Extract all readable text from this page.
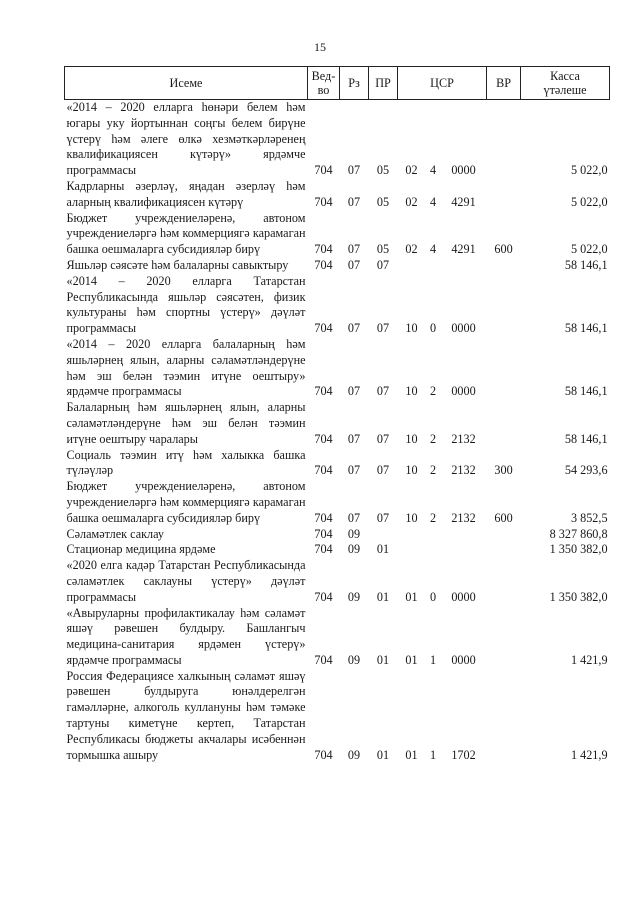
15
Исеме	Вед-
во	Рз	ПР	ЦСР			ВР	Касса
үтәлеше
«2014 – 2020 елларга һөнәри белем һәм югары уку йортыннан соңгы белем бирүне үстерү һәм әлеге өлкә хезмәткәрләренең квалификациясен күтәрү» ярдәмче программасы	704	07	05	02	4	0000		5 022,0
Кадрларны әзерләү, яңадан әзерләү һәм аларның квалификациясен күтәрү	704	07	05	02	4	4291		5 022,0
Бюджет учреждениеләренә, автоном учреждениеләргә һәм коммерциягә карамаган башка оешмаларга субсидияләр бирү	704	07	05	02	4	4291	600	5 022,0
Яшьләр сәясәте һәм балаларны савыктыру	704	07	07					58 146,1
«2014 – 2020 елларга Татарстан Республикасында яшьләр сәясәтен, физик культураны һәм спортны үстерү» дәүләт программасы	704	07	07	10	0	0000		58 146,1
«2014 – 2020 елларга балаларның һәм яшьләрнең ялын, аларны сәламәтләндерүне һәм эш белән тәэмин итүне оештыру» ярдәмче программасы	704	07	07	10	2	0000		58 146,1
Балаларның һәм яшьләрнең ялын, аларны сәламәтләндерүне һәм эш белән тәэмин итүне оештыру чаралары	704	07	07	10	2	2132		58 146,1
Социаль тәэмин итү һәм халыкка башка түләүләр	704	07	07	10	2	2132	300	54 293,6
Бюджет учреждениеләренә, автоном учреждениеләргә һәм коммерциягә карамаган башка оешмаларга субсидияләр бирү	704	07	07	10	2	2132	600	3 852,5
Сәламәтлек саклау	704	09						8 327 860,8
Стационар медицина ярдәме	704	09	01					1 350 382,0
«2020 елга кадәр Татарстан Республикасында сәламәтлек саклауны үстерү» дәүләт программасы	704	09	01	01	0	0000		1 350 382,0
«Авыруларны профилактикалау һәм сәламәт яшәү рәвешен булдыру. Башлангыч медицина-санитария ярдәмен үстерү» ярдәмче программасы	704	09	01	01	1	0000		1 421,9
Россия Федерациясе халкының сәламәт яшәү рәвешен булдыруга юнәлдерелгән гамәлләрне, алкоголь куллануны һәм тәмәке тартуны киметүне кертеп, Татарстан Республикасы бюджеты акчалары исәбеннән тормышка ашыру	704	09	01	01	1	1702		1 421,9
